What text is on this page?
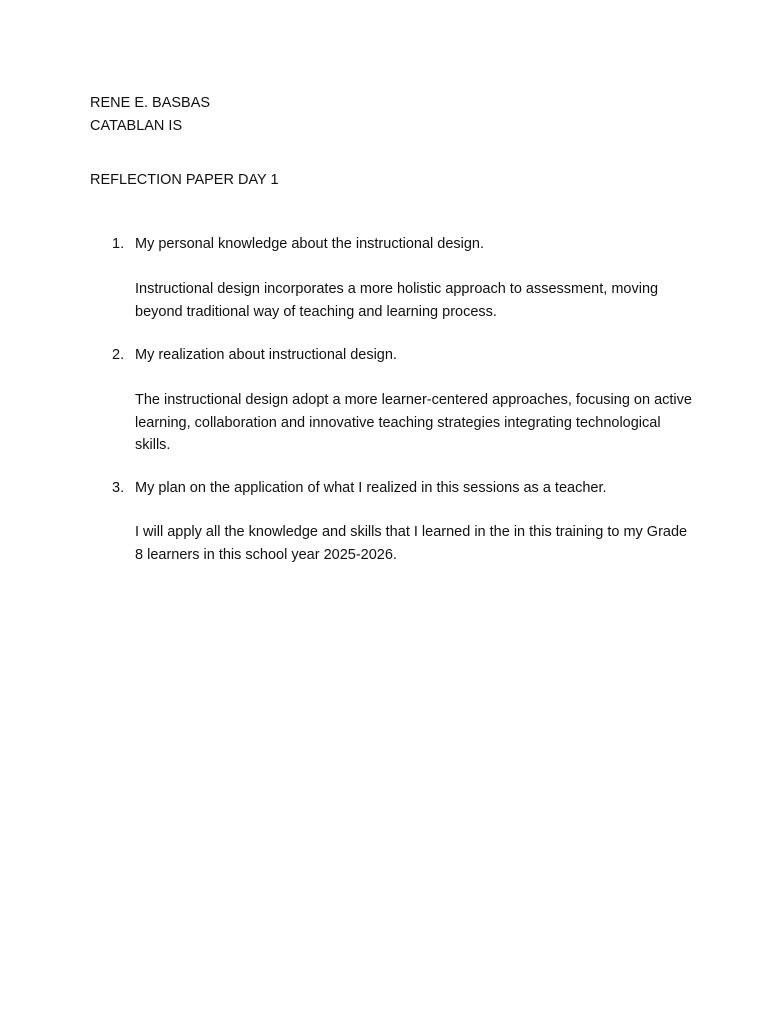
RENE E. BASBAS
CATABLAN IS
REFLECTION PAPER DAY 1
1. My personal knowledge about the instructional design.
Instructional design incorporates a more holistic approach to assessment, moving beyond traditional way of teaching and learning process.
2. My realization about instructional design.
The instructional design adopt a more learner-centered approaches, focusing on active learning, collaboration and innovative teaching strategies integrating technological skills.
3. My plan on the application of what I realized in this sessions as a teacher.
I will apply all the knowledge and skills that I learned in the in this training to my Grade 8 learners in this school year 2025-2026.
